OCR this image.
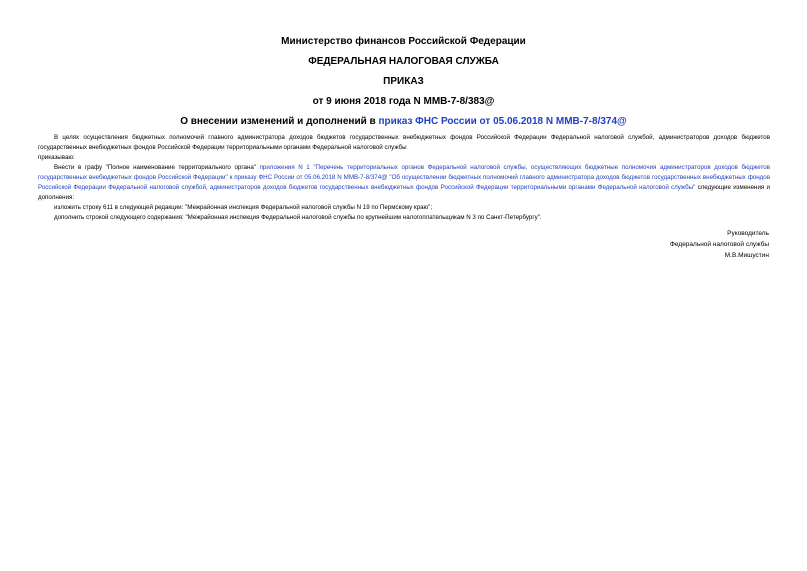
Министерство финансов Российской Федерации
ФЕДЕРАЛЬНАЯ НАЛОГОВАЯ СЛУЖБА
ПРИКАЗ
от 9 июня 2018 года N ММВ-7-8/383@
О внесении изменений и дополнений в приказ ФНС России от 05.06.2018 N ММВ-7-8/374@

В целях осуществления бюджетных полномочий главного администратора доходов бюджетов государственных внебюджетных фондов Российской Федерации Федеральной налоговой службой, администраторов доходов бюджетов государственных внебюджетных фондов Российской Федерации территориальными органами Федеральной налоговой службы

приказываю:

Внести в графу "Полное наименование территориального органа" приложения N 1 "Перечень территориальных органов Федеральной налоговой службы, осуществляющих бюджетные полномочия администраторов доходов бюджетов государственных внебюджетных фондов Российской Федерации" к приказу ФНС России от 05.06.2018 N ММВ-7-8/374@ "Об осуществлении бюджетных полномочий главного администратора доходов бюджетов государственных внебюджетных фондов Российской Федерации Федеральной налоговой службой, администраторов доходов бюджетов государственных внебюджетных фондов Российской Федерации территориальными органами Федеральной налоговой службы" следующие изменения и дополнения:

изложить строку 611 в следующей редакции: "Межрайонная инспекция Федеральной налоговой службы N 19 по Пермскому краю";

дополнить строкой следующего содержания: "Межрайонная инспекция Федеральной налоговой службы по крупнейшим налогоплательщикам N 3 по Санкт-Петербургу".

Руководитель
Федеральной налоговой службы
М.В.Мишустин
